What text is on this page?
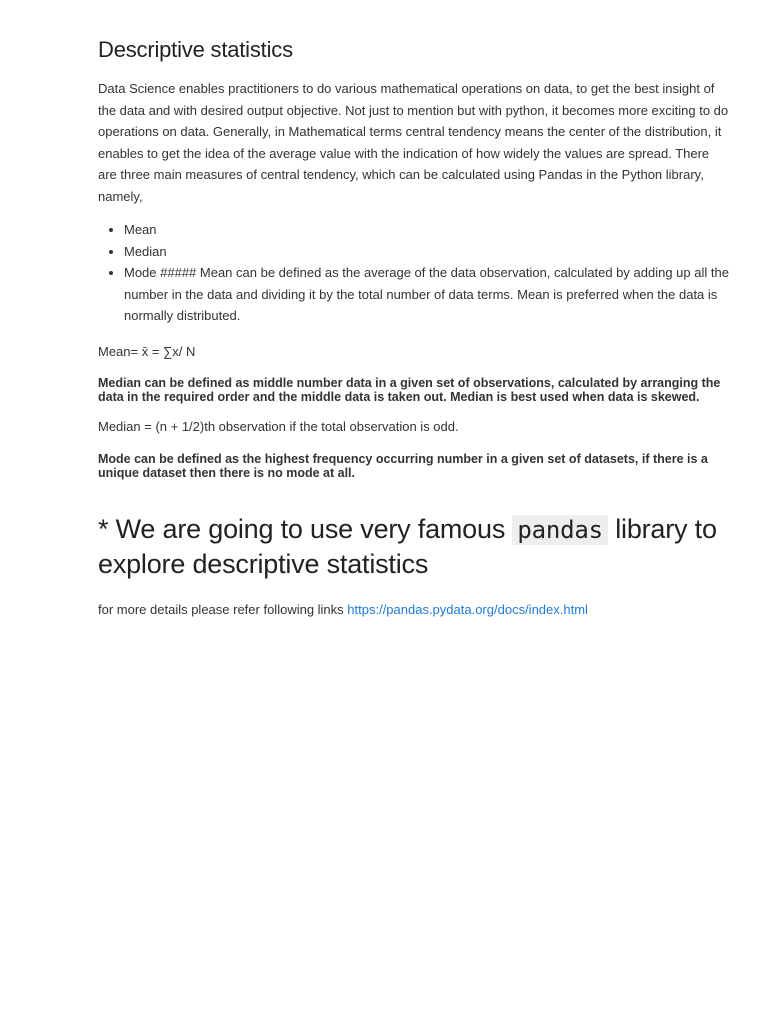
Descriptive statistics

Data Science enables practitioners to do various mathematical operations on data, to get the best insight of the data and with desired output objective. Not just to mention but with python, it becomes more exciting to do operations on data. Generally, in Mathematical terms central tendency means the center of the distribution, it enables to get the idea of the average value with the indication of how widely the values are spread. There are three main measures of central tendency, which can be calculated using Pandas in the Python library, namely,

• Mean
• Median
• Mode ##### Mean can be defined as the average of the data observation, calculated by adding up all the number in the data and dividing it by the total number of data terms. Mean is preferred when the data is normally distributed.

Mean= x̄ = ∑x/ N

Median can be defined as middle number data in a given set of observations, calculated by arranging the data in the required order and the middle data is taken out. Median is best used when data is skewed.

Median = (n + 1/2)th observation if the total observation is odd.

Mode can be defined as the highest frequency occurring number in a given set of datasets, if there is a unique dataset then there is no mode at all.

* We are going to use very famous pandas library to explore descriptive statistics

for more details please refer following links https://pandas.pydata.org/docs/index.html
